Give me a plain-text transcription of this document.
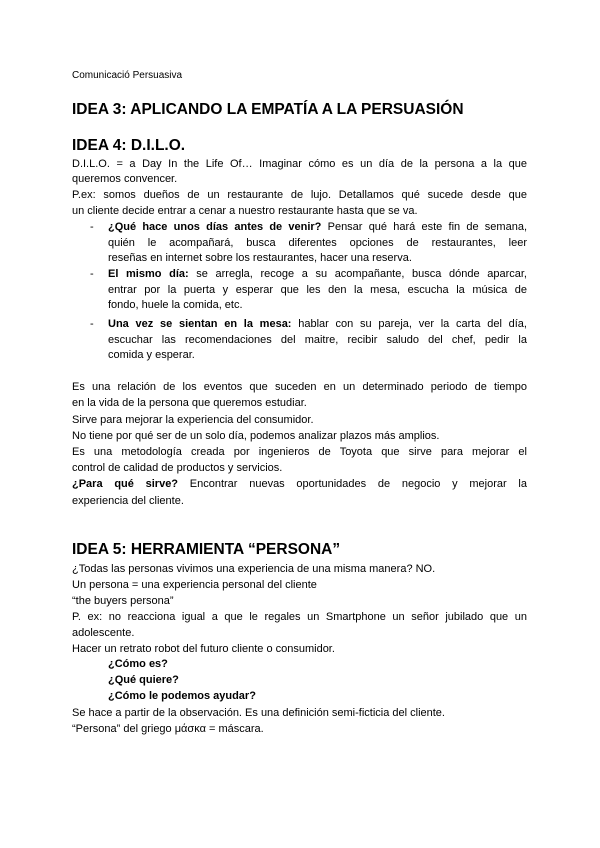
Comunicació Persuasiva
IDEA 3: APLICANDO LA EMPATÍA A LA PERSUASIÓN
IDEA 4: D.I.L.O.
D.I.L.O. = a Day In the Life Of… Imaginar cómo es un día de la persona a la que
queremos convencer.
P.ex: somos dueños de un restaurante de lujo. Detallamos qué sucede desde que
un cliente decide entrar a cenar a nuestro restaurante hasta que se va.
- ¿Qué hace unos días antes de venir? Pensar qué hará este fin de semana,
quién le acompañará, busca diferentes opciones de restaurantes, leer
reseñas en internet sobre los restaurantes, hacer una reserva.
- El mismo día: se arregla, recoge a su acompañante, busca dónde aparcar,
entrar por la puerta y esperar que les den la mesa, escucha la música de
fondo, huele la comida, etc.
- Una vez se sientan en la mesa: hablar con su pareja, ver la carta del día,
escuchar las recomendaciones del maitre, recibir saludo del chef, pedir la
comida y esperar.
Es una relación de los eventos que suceden en un determinado periodo de tiempo
en la vida de la persona que queremos estudiar.
Sirve para mejorar la experiencia del consumidor.
No tiene por qué ser de un solo día, podemos analizar plazos más amplios.
Es una metodología creada por ingenieros de Toyota que sirve para mejorar el
control de calidad de productos y servicios.
¿Para qué sirve? Encontrar nuevas oportunidades de negocio y mejorar la
experiencia del cliente.
IDEA 5: HERRAMIENTA “PERSONA”
¿Todas las personas vivimos una experiencia de una misma manera? NO.
Un persona = una experiencia personal del cliente
“the buyers persona”
P. ex: no reacciona igual a que le regales un Smartphone un señor jubilado que un
adolescente.
Hacer un retrato robot del futuro cliente o consumidor.
¿Cómo es?
¿Qué quiere?
¿Cómo le podemos ayudar?
Se hace a partir de la observación. Es una definición semi-ficticia del cliente.
“Persona” del griego μάσκα = máscara.
